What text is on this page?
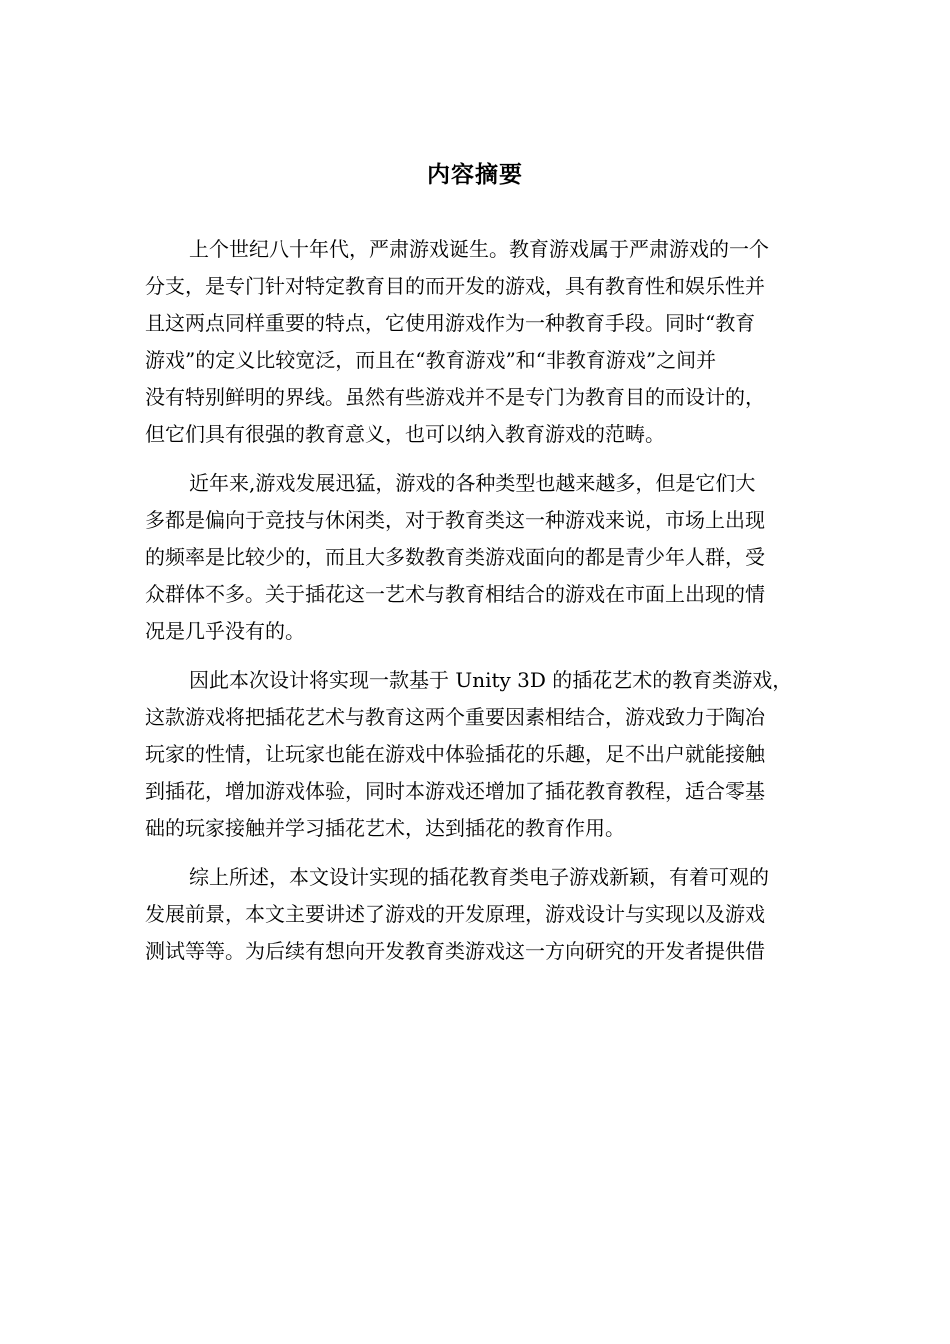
内容摘要
上个世纪八十年代，严肃游戏诞生。教育游戏属于严肃游戏的一个
分支，是专门针对特定教育目的而开发的游戏，具有教育性和娱乐性并
且这两点同样重要的特点，它使用游戏作为一种教育手段。同时“教育
游戏”的定义比较宽泛，而且在“教育游戏”和“非教育游戏”之间并
没有特别鲜明的界线。虽然有些游戏并不是专门为教育目的而设计的，
但它们具有很强的教育意义，也可以纳入教育游戏的范畴。
近年来,游戏发展迅猛，游戏的各种类型也越来越多，但是它们大
多都是偏向于竞技与休闲类，对于教育类这一种游戏来说，市场上出现
的频率是比较少的，而且大多数教育类游戏面向的都是青少年人群，受
众群体不多。关于插花这一艺术与教育相结合的游戏在市面上出现的情
况是几乎没有的。
因此本次设计将实现一款基于 Unity 3D 的插花艺术的教育类游戏，
这款游戏将把插花艺术与教育这两个重要因素相结合，游戏致力于陶冶
玩家的性情，让玩家也能在游戏中体验插花的乐趣，足不出户就能接触
到插花，增加游戏体验，同时本游戏还增加了插花教育教程，适合零基
础的玩家接触并学习插花艺术，达到插花的教育作用。
综上所述，本文设计实现的插花教育类电子游戏新颖，有着可观的
发展前景，本文主要讲述了游戏的开发原理，游戏设计与实现以及游戏
测试等等。为后续有想向开发教育类游戏这一方向研究的开发者提供借
